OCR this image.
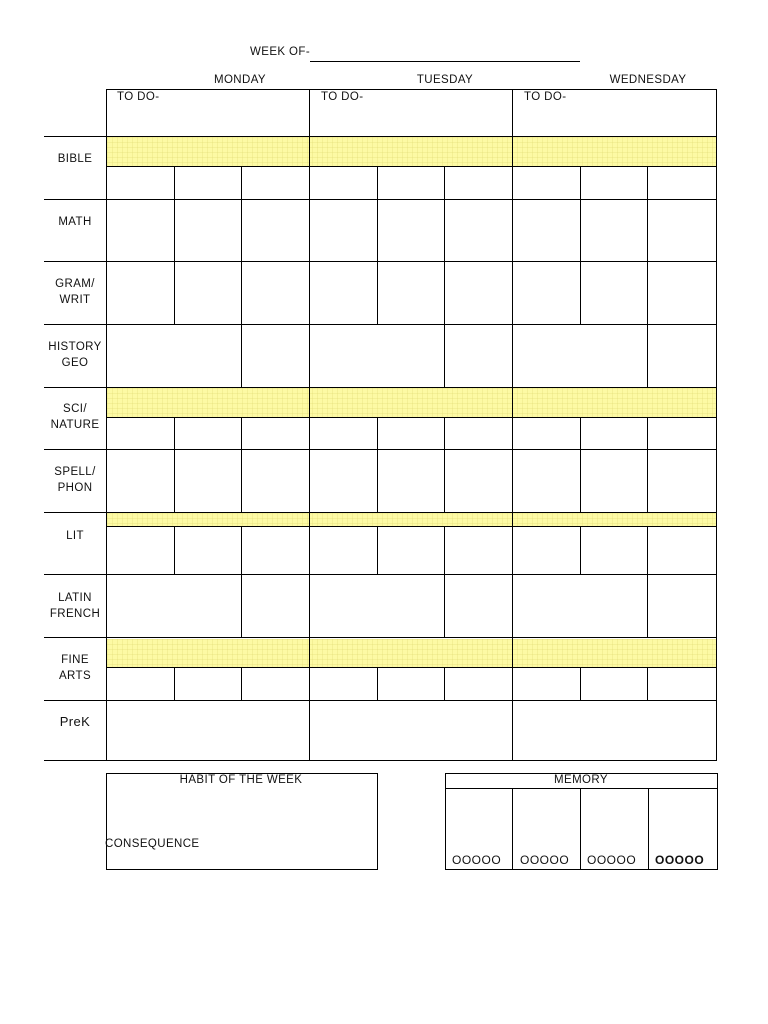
WEEK OF-
MONDAY	TUESDAY	WEDNESDAY
TO DO-	TO DO-	TO DO-
BIBLE
MATH
GRAM/
WRIT
HISTORY
GEO
SCI/
NATURE
SPELL/
PHON
LIT
LATIN
FRENCH
FINE
ARTS
PreK
HABIT OF THE WEEK
CONSEQUENCE
MEMORY
OOOOO OOOOO OOOOO OOOOO
